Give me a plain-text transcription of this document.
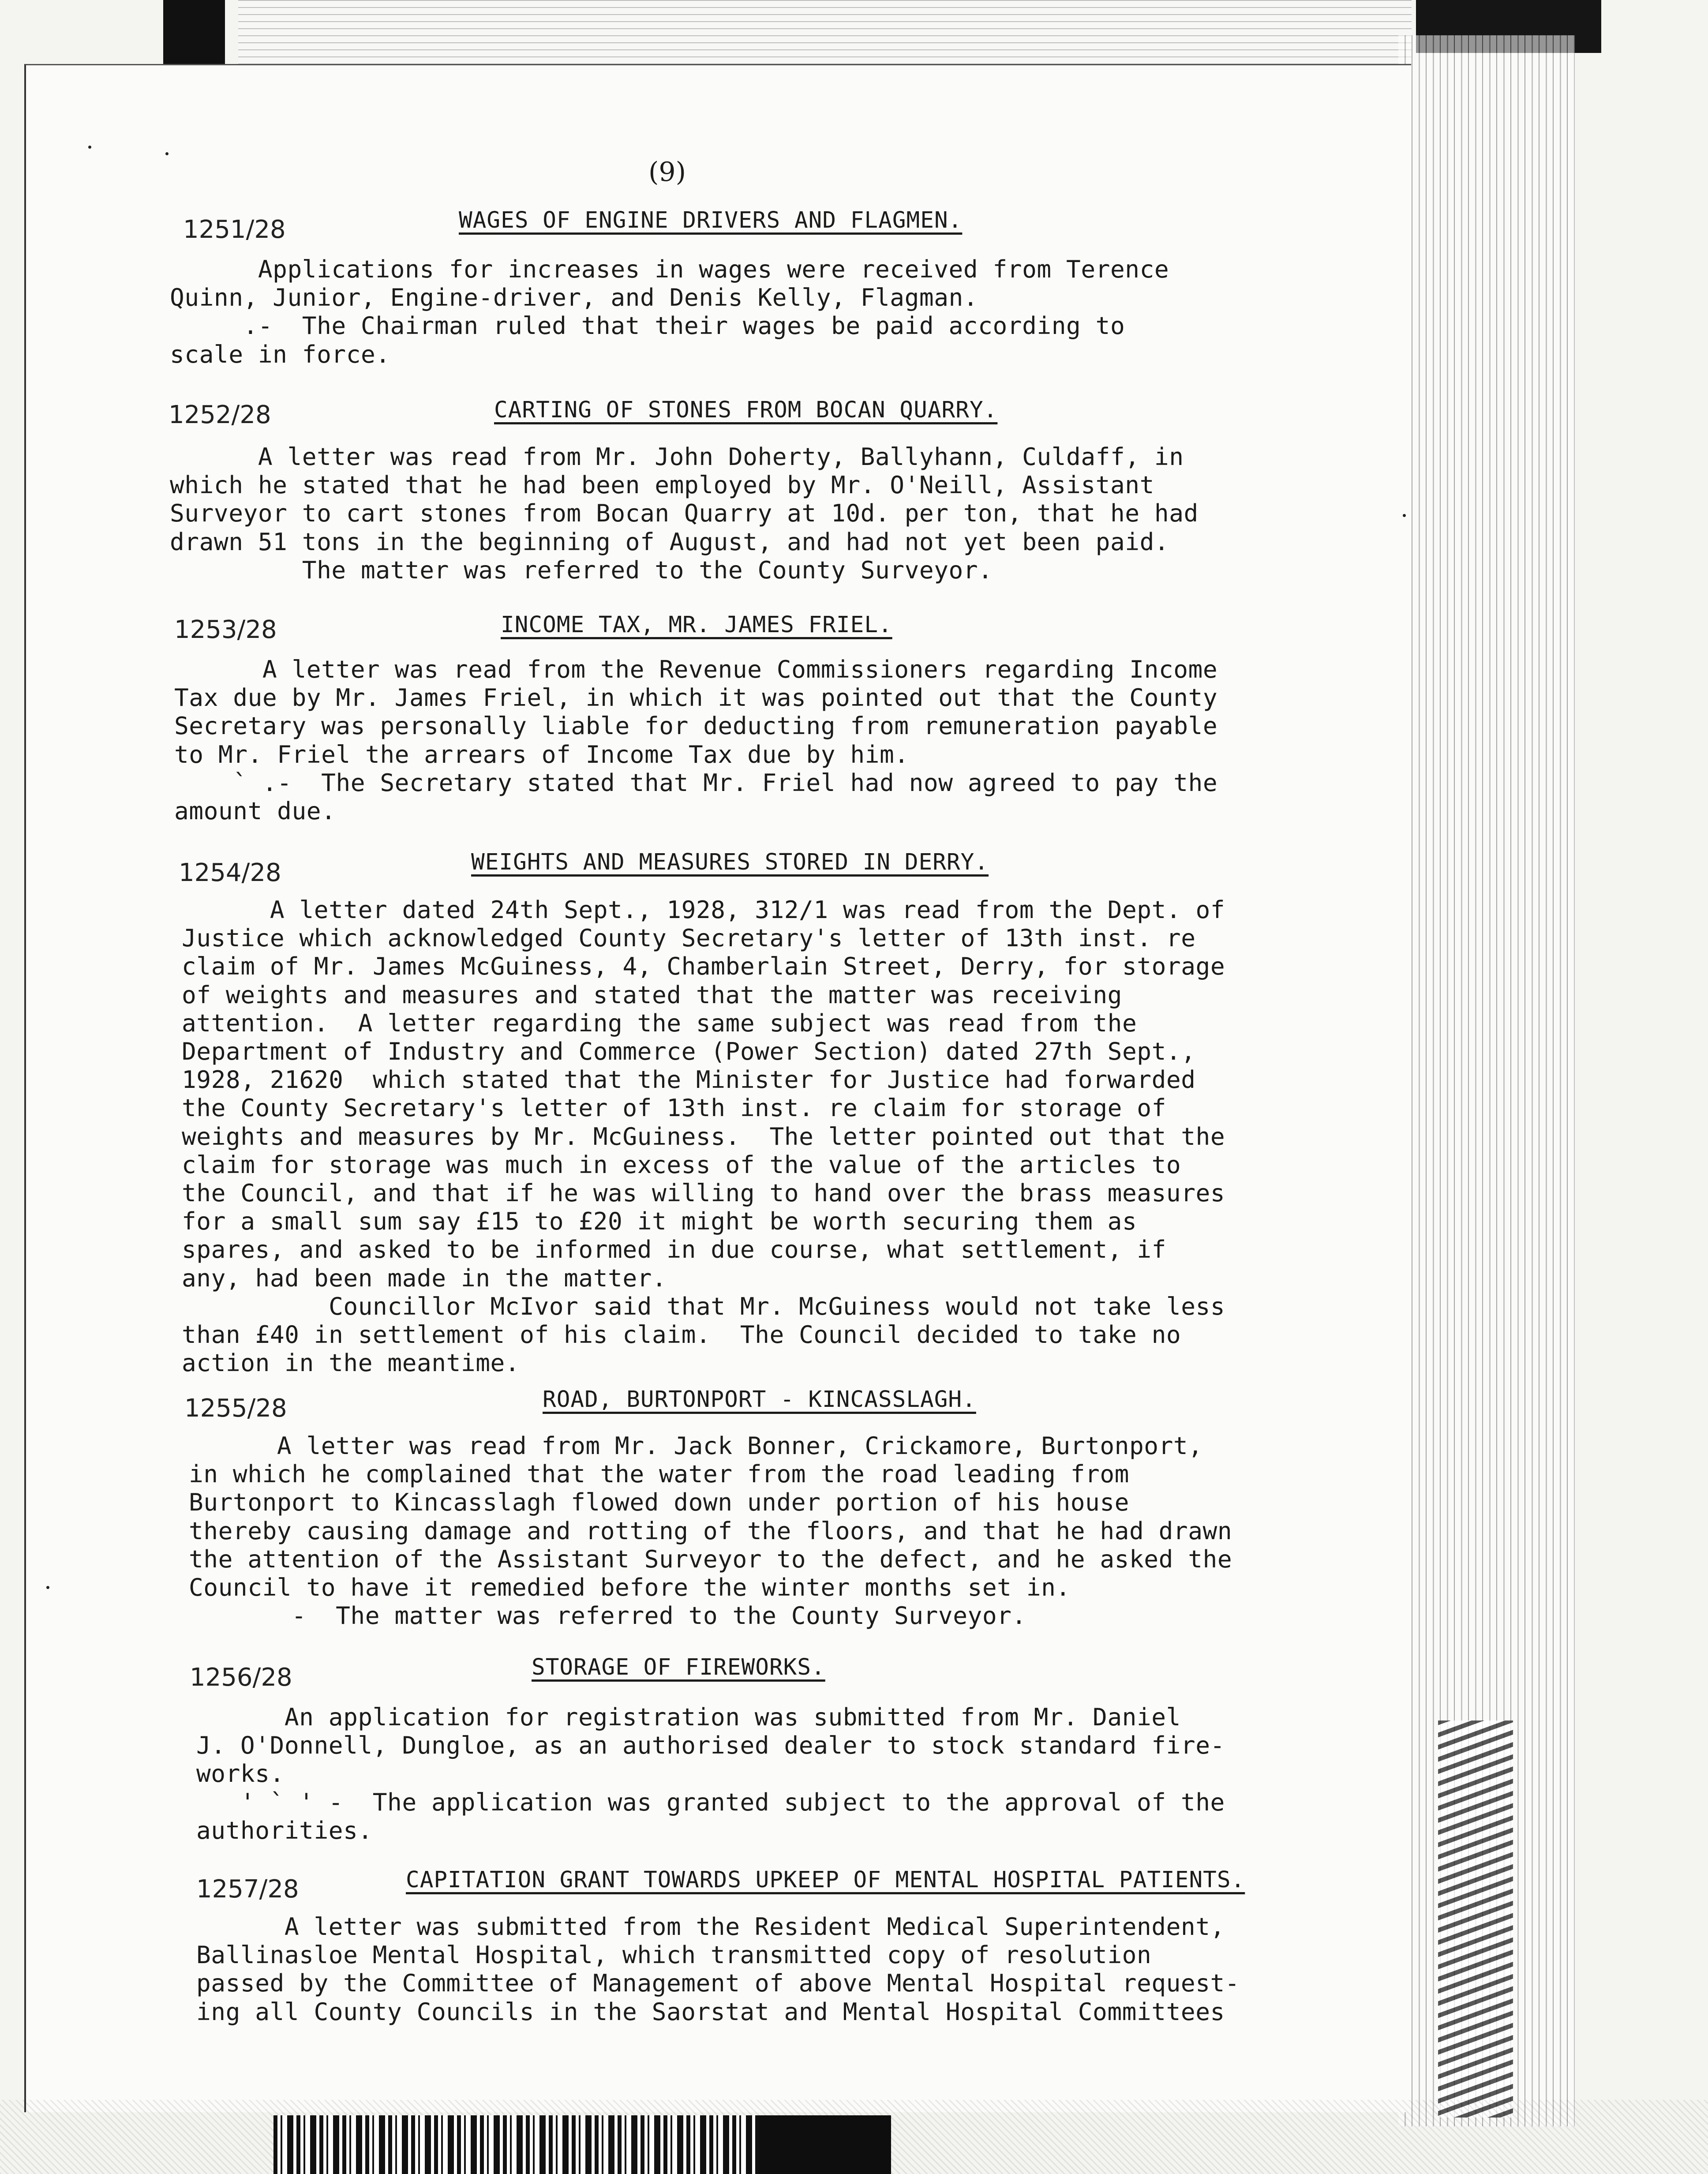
(9)
1251/28	WAGES OF ENGINE DRIVERS AND FLAGMEN.
Applications for increases in wages were received from Terence
Quinn, Junior, Engine-driver, and Denis Kelly, Flagman.
.-  The Chairman ruled that their wages be paid according to
scale in force.
1252/28	CARTING OF STONES FROM BOCAN QUARRY.
A letter was read from Mr. John Doherty, Ballyhann, Culdaff, in
which he stated that he had been employed by Mr. O'Neill, Assistant
Surveyor to cart stones from Bocan Quarry at 10d. per ton, that he had
drawn 51 tons in the beginning of August, and had not yet been paid.
The matter was referred to the County Surveyor.
1253/28	INCOME TAX, MR. JAMES FRIEL.
A letter was read from the Revenue Commissioners regarding Income
Tax due by Mr. James Friel, in which it was pointed out that the County
Secretary was personally liable for deducting from remuneration payable
to Mr. Friel the arrears of Income Tax due by him.
` .-  The Secretary stated that Mr. Friel had now agreed to pay the
amount due.
1254/28	WEIGHTS AND MEASURES STORED IN DERRY.
A letter dated 24th Sept., 1928, 312/1 was read from the Dept. of
Justice which acknowledged County Secretary's letter of 13th inst. re
claim of Mr. James McGuiness, 4, Chamberlain Street, Derry, for storage
of weights and measures and stated that the matter was receiving
attention.  A letter regarding the same subject was read from the
Department of Industry and Commerce (Power Section) dated 27th Sept.,
1928, 21620  which stated that the Minister for Justice had forwarded
the County Secretary's letter of 13th inst. re claim for storage of
weights and measures by Mr. McGuiness.  The letter pointed out that the
claim for storage was much in excess of the value of the articles to
the Council, and that if he was willing to hand over the brass measures
for a small sum say £15 to £20 it might be worth securing them as
spares, and asked to be informed in due course, what settlement, if
any, had been made in the matter.
Councillor McIvor said that Mr. McGuiness would not take less
than £40 in settlement of his claim.  The Council decided to take no
action in the meantime.
1255/28	ROAD, BURTONPORT - KINCASSLAGH.
A letter was read from Mr. Jack Bonner, Crickamore, Burtonport,
in which he complained that the water from the road leading from
Burtonport to Kincasslagh flowed down under portion of his house
thereby causing damage and rotting of the floors, and that he had drawn
the attention of the Assistant Surveyor to the defect, and he asked the
Council to have it remedied before the winter months set in.
-  The matter was referred to the County Surveyor.
1256/28	STORAGE OF FIREWORKS.
An application for registration was submitted from Mr. Daniel
J. O'Donnell, Dungloe, as an authorised dealer to stock standard fire-
works.
' ` ' -  The application was granted subject to the approval of the
authorities.
1257/28	CAPITATION GRANT TOWARDS UPKEEP OF MENTAL HOSPITAL PATIENTS.
A letter was submitted from the Resident Medical Superintendent,
Ballinasloe Mental Hospital, which transmitted copy of resolution
passed by the Committee of Management of above Mental Hospital request-
ing all County Councils in the Saorstat and Mental Hospital Committees
